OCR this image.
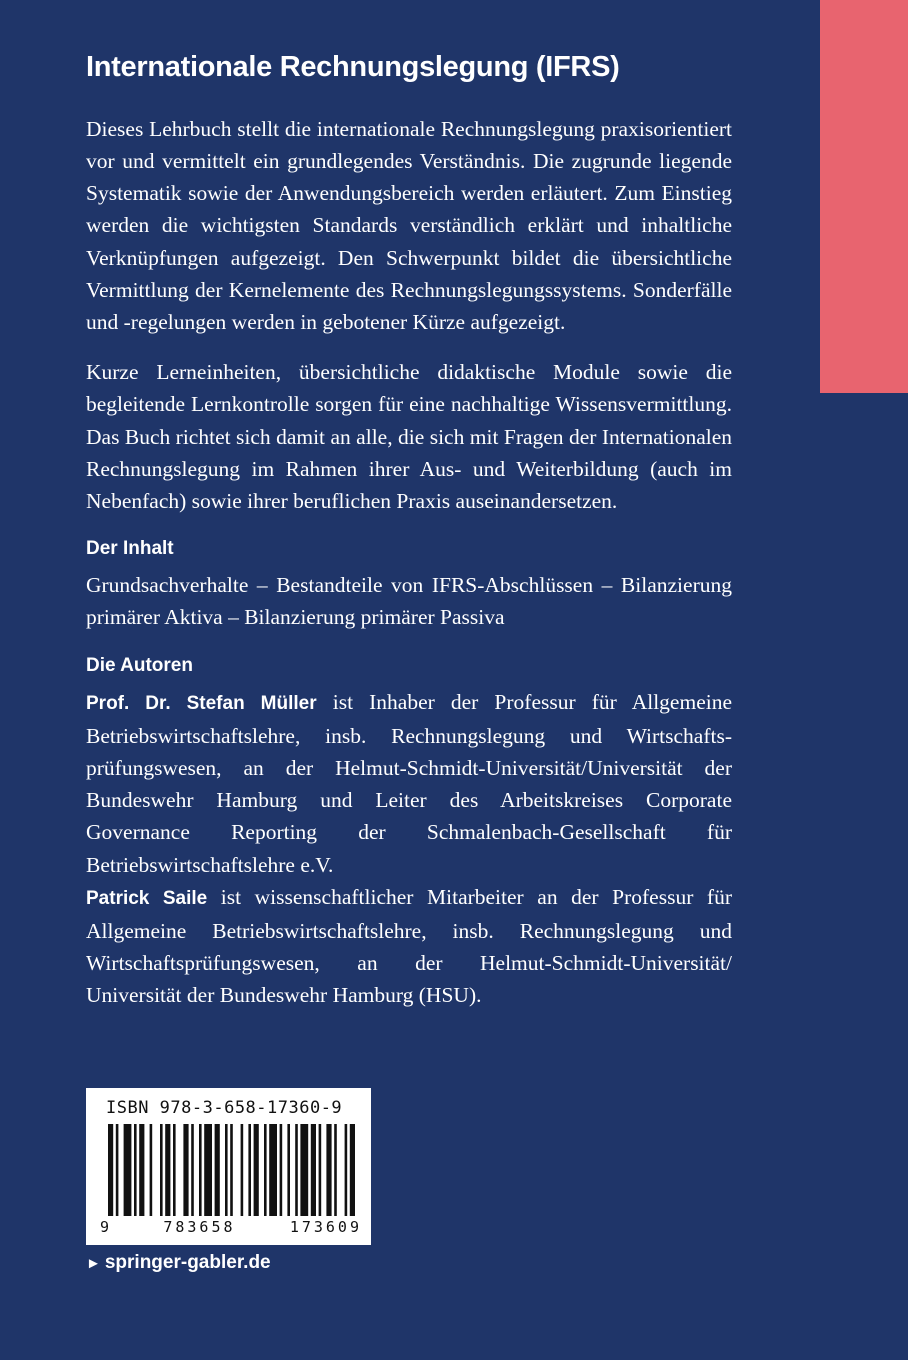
Internationale Rechnungslegung (IFRS)

Dieses Lehrbuch stellt die internationale Rechnungslegung praxisorientiert vor und vermittelt ein grundlegendes Verständnis. Die zugrunde liegende Systematik sowie der Anwendungsbereich werden erläutert. Zum Einstieg werden die wichtigsten Standards verständlich erklärt und inhaltliche Verknüpfungen aufgezeigt. Den Schwerpunkt bildet die übersichtliche Vermittlung der Kernelemente des Rechnungslegungssystems. Sonderfälle und -regelungen werden in gebotener Kürze aufgezeigt.

Kurze Lerneinheiten, übersichtliche didaktische Module sowie die begleitende Lernkontrolle sorgen für eine nachhaltige Wissensvermittlung. Das Buch richtet sich damit an alle, die sich mit Fragen der Internationalen Rechnungslegung im Rahmen ihrer Aus- und Weiterbildung (auch im Nebenfach) sowie ihrer beruflichen Praxis auseinandersetzen.

Der Inhalt

Grundsachverhalte – Bestandteile von IFRS-Abschlüssen – Bilanzierung primärer Aktiva – Bilanzierung primärer Passiva

Die Autoren

Prof. Dr. Stefan Müller ist Inhaber der Professur für Allgemeine Betriebswirtschaftslehre, insb. Rechnungslegung und Wirtschaftsprüfungswesen, an der Helmut-Schmidt-Universität/Universität der Bundeswehr Hamburg und Leiter des Arbeitskreises Corporate Governance Reporting der Schmalenbach-Gesellschaft für Betriebswirtschaftslehre e.V.

Patrick Saile ist wissenschaftlicher Mitarbeiter an der Professur für Allgemeine Betriebswirtschaftslehre, insb. Rechnungslegung und Wirtschaftsprüfungswesen, an der Helmut-Schmidt-Universität/ Universität der Bundeswehr Hamburg (HSU).

ISBN 978-3-658-17360-9
9	783658	173609
► springer-gabler.de
